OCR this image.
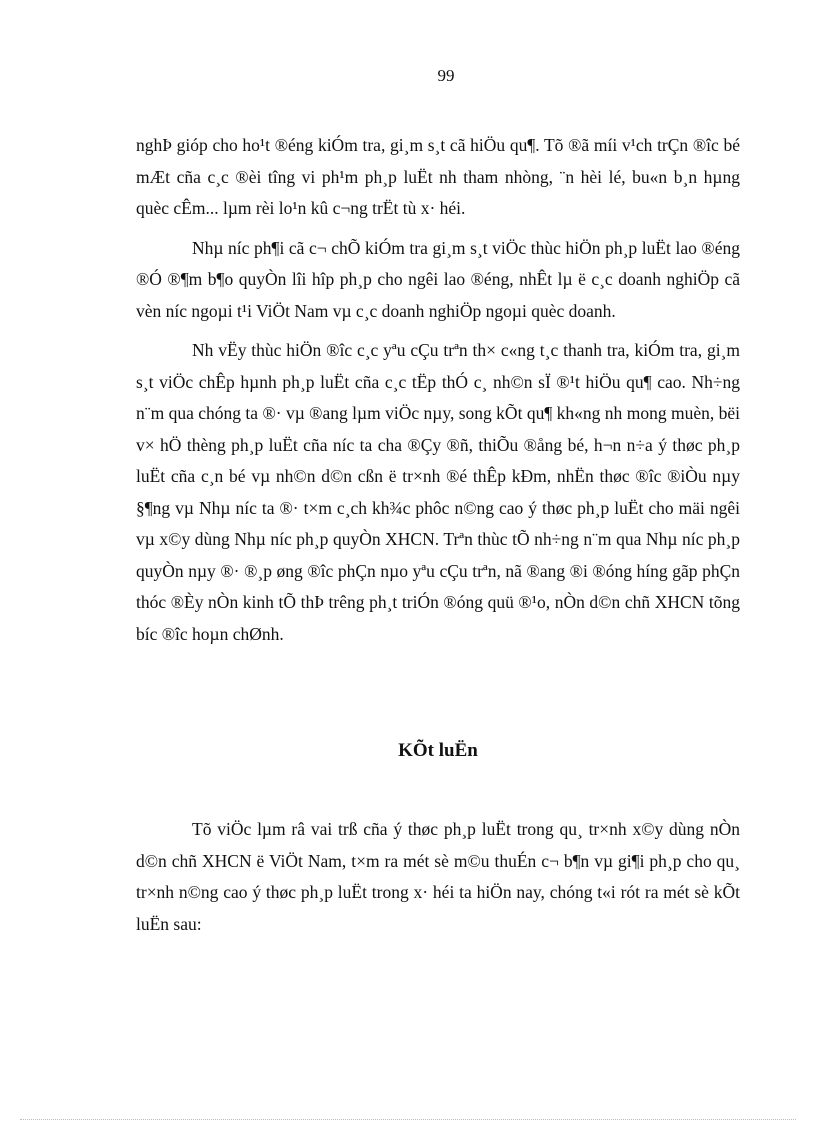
99

nghÞ gióp cho ho¹t ®éng kiÓm tra, gi¸m s¸t cã hiÖu qu¶. Tõ ®ã míi v¹ch trÇn ®îc bé mÆt cña c¸c ®èi tîng vi ph¹m ph¸p luËt nh tham nhòng, ¨n hèi lé, bu«n b¸n hµng quèc cÊm... lµm rèi lo¹n kû c¬ng trËt tù x· héi.

Nhµ níc ph¶i cã c¬ chÕ kiÓm tra gi¸m s¸t viÖc thùc hiÖn ph¸p luËt lao ®éng ®Ó ®¶m b¶o quyÒn lîi hîp ph¸p cho ngêi lao ®éng, nhÊt lµ ë c¸c doanh nghiÖp cã vèn níc ngoµi t¹i ViÖt Nam vµ c¸c doanh nghiÖp ngoµi quèc doanh.

Nh vËy thùc hiÖn ®îc c¸c yªu cÇu trªn th× c«ng t¸c thanh tra, kiÓm tra, gi¸m s¸t viÖc chÊp hµnh ph¸p luËt cña c¸c tËp thÓ c¸ nh©n sÏ ®¹t hiÖu qu¶ cao. Nh÷ng n¨m qua chóng ta ®· vµ ®ang lµm viÖc nµy, song kÕt qu¶ kh«ng nh mong muèn, bëi v× hÖ thèng ph¸p luËt cña níc ta cha ®Çy ®ñ, thiÕu ®ång bé, h¬n n÷a ý thøc ph¸p luËt cña c¸n bé vµ nh©n d©n cßn ë tr×nh ®é thÊp kÐm, nhËn thøc ®îc ®iÒu nµy §¶ng vµ Nhµ níc ta ®· t×m c¸ch kh¾c phôc n©ng cao ý thøc ph¸p luËt cho mäi ngêi vµ x©y dùng Nhµ níc ph¸p quyÒn XHCN. Trªn thùc tÕ nh÷ng n¨m qua Nhµ níc ph¸p quyÒn nµy ®· ®¸p øng ®îc phÇn nµo yªu cÇu trªn, nã ®ang ®i ®óng híng gãp phÇn thóc ®Èy nÒn kinh tÕ thÞ trêng ph¸t triÓn ®óng quü ®¹o, nÒn d©n chñ XHCN tõng bíc ®îc hoµn chØnh.

KÕt luËn

Tõ viÖc lµm râ vai trß cña ý thøc ph¸p luËt trong qu¸ tr×nh x©y dùng nÒn d©n chñ XHCN ë ViÖt Nam, t×m ra mét sè m©u thuÉn c¬ b¶n vµ gi¶i ph¸p cho qu¸ tr×nh n©ng cao ý thøc ph¸p luËt trong x· héi ta hiÖn nay, chóng t«i rót ra mét sè kÕt luËn sau:
